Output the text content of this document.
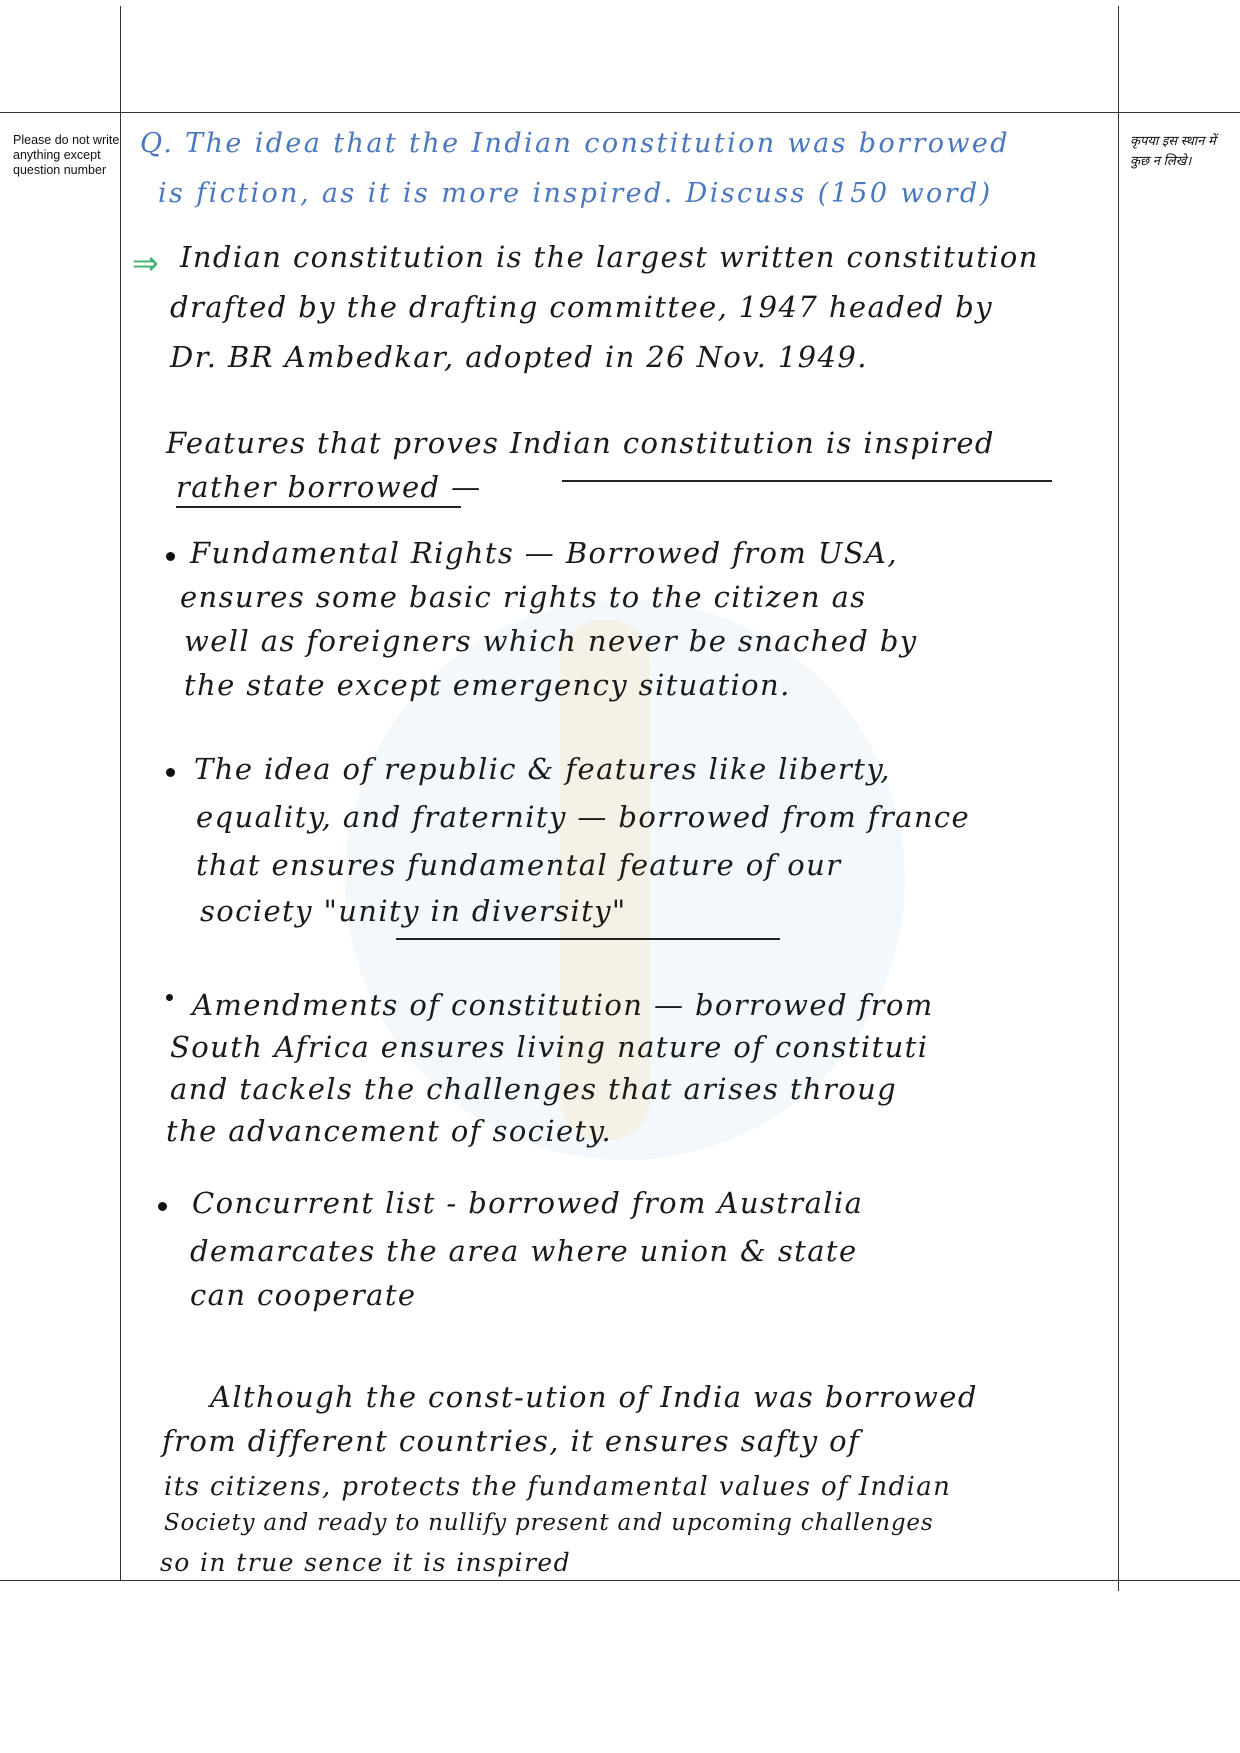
Please do not write anything except question number
कृपया इस स्थान में कुछ न लिखे।
Q. The idea that the Indian constitution was borrowed
is fiction, as it is more inspired. Discuss (150 word)
⇒ Indian constitution is the largest written constitution
drafted by the drafting committee, 1947 headed by
Dr. BR Ambedkar, adopted in 26 Nov. 1949.
Features that proves Indian constitution is inspired
rather borrowed —
Fundamental Rights — Borrowed from USA,
ensures some basic rights to the citizen as
well as foreigners which never be snached by
the state except emergency situation.
The idea of republic & features like liberty,
equality, and fraternity — borrowed from france
that ensures fundamental feature of our
society "unity in diversity"
Amendments of constitution — borrowed from
South Africa ensures living nature of constituti
and tackels the challenges that arises throug
the advancement of society.
Concurrent list - borrowed from Australia
demarcates the area where union & state
can cooperate
Although the const-ution of India was borrowed
from different countries, it ensures safty of
its citizens, protects the fundamental values of Indian
Society and ready to nullify present and upcoming challenges
so in true sence it is inspired
